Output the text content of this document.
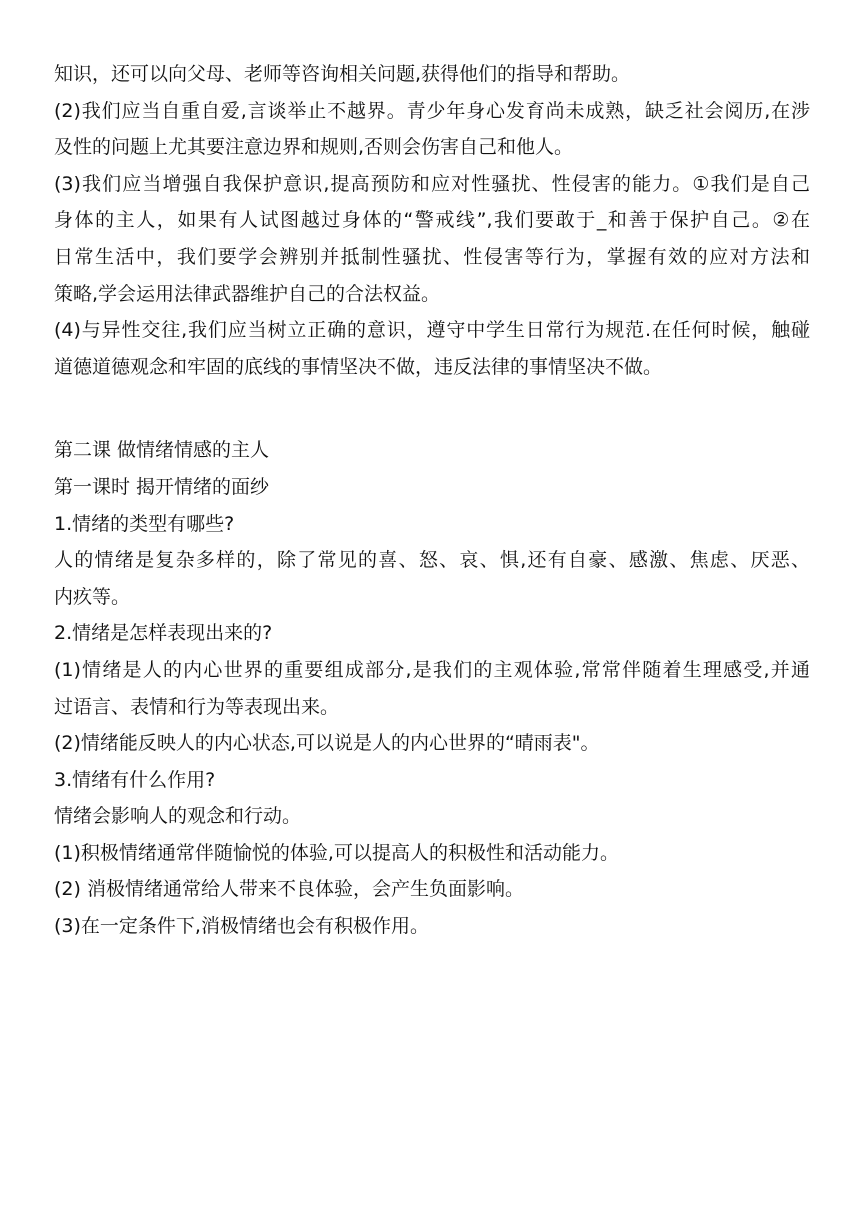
知识，还可以向父母、老师等咨询相关问题,获得他们的指导和帮助。
(2)我们应当自重自爱,言谈举止不越界。青少年身心发育尚未成熟，缺乏社会阅历,在涉
及性的问题上尤其要注意边界和规则,否则会伤害自己和他人。
(3)我们应当增强自我保护意识,提高预防和应对性骚扰、性侵害的能力。①我们是自己
身体的主人，如果有人试图越过身体的“警戒线”,我们要敢于_和善于保护自己。②在
日常生活中，我们要学会辨别并抵制性骚扰、性侵害等行为，掌握有效的应对方法和
策略,学会运用法律武器维护自己的合法权益。
(4)与异性交往,我们应当树立正确的意识，遵守中学生日常行为规范.在任何时候，触碰
道德道德观念和牢固的底线的事情坚决不做，违反法律的事情坚决不做。
第二课 做情绪情感的主人
第一课时 揭开情绪的面纱
1.情绪的类型有哪些?
人的情绪是复杂多样的，除了常见的喜、怒、哀、惧,还有自豪、感激、焦虑、厌恶、
内疚等。
2.情绪是怎样表现出来的?
(1)情绪是人的内心世界的重要组成部分,是我们的主观体验,常常伴随着生理感受,并通
过语言、表情和行为等表现出来。
(2)情绪能反映人的内心状态,可以说是人的内心世界的“晴雨表"。
3.情绪有什么作用?
情绪会影响人的观念和行动。
(1)积极情绪通常伴随愉悦的体验,可以提高人的积极性和活动能力。
(2) 消极情绪通常给人带来不良体验，会产生负面影响。
(3)在一定条件下,消极情绪也会有积极作用。
